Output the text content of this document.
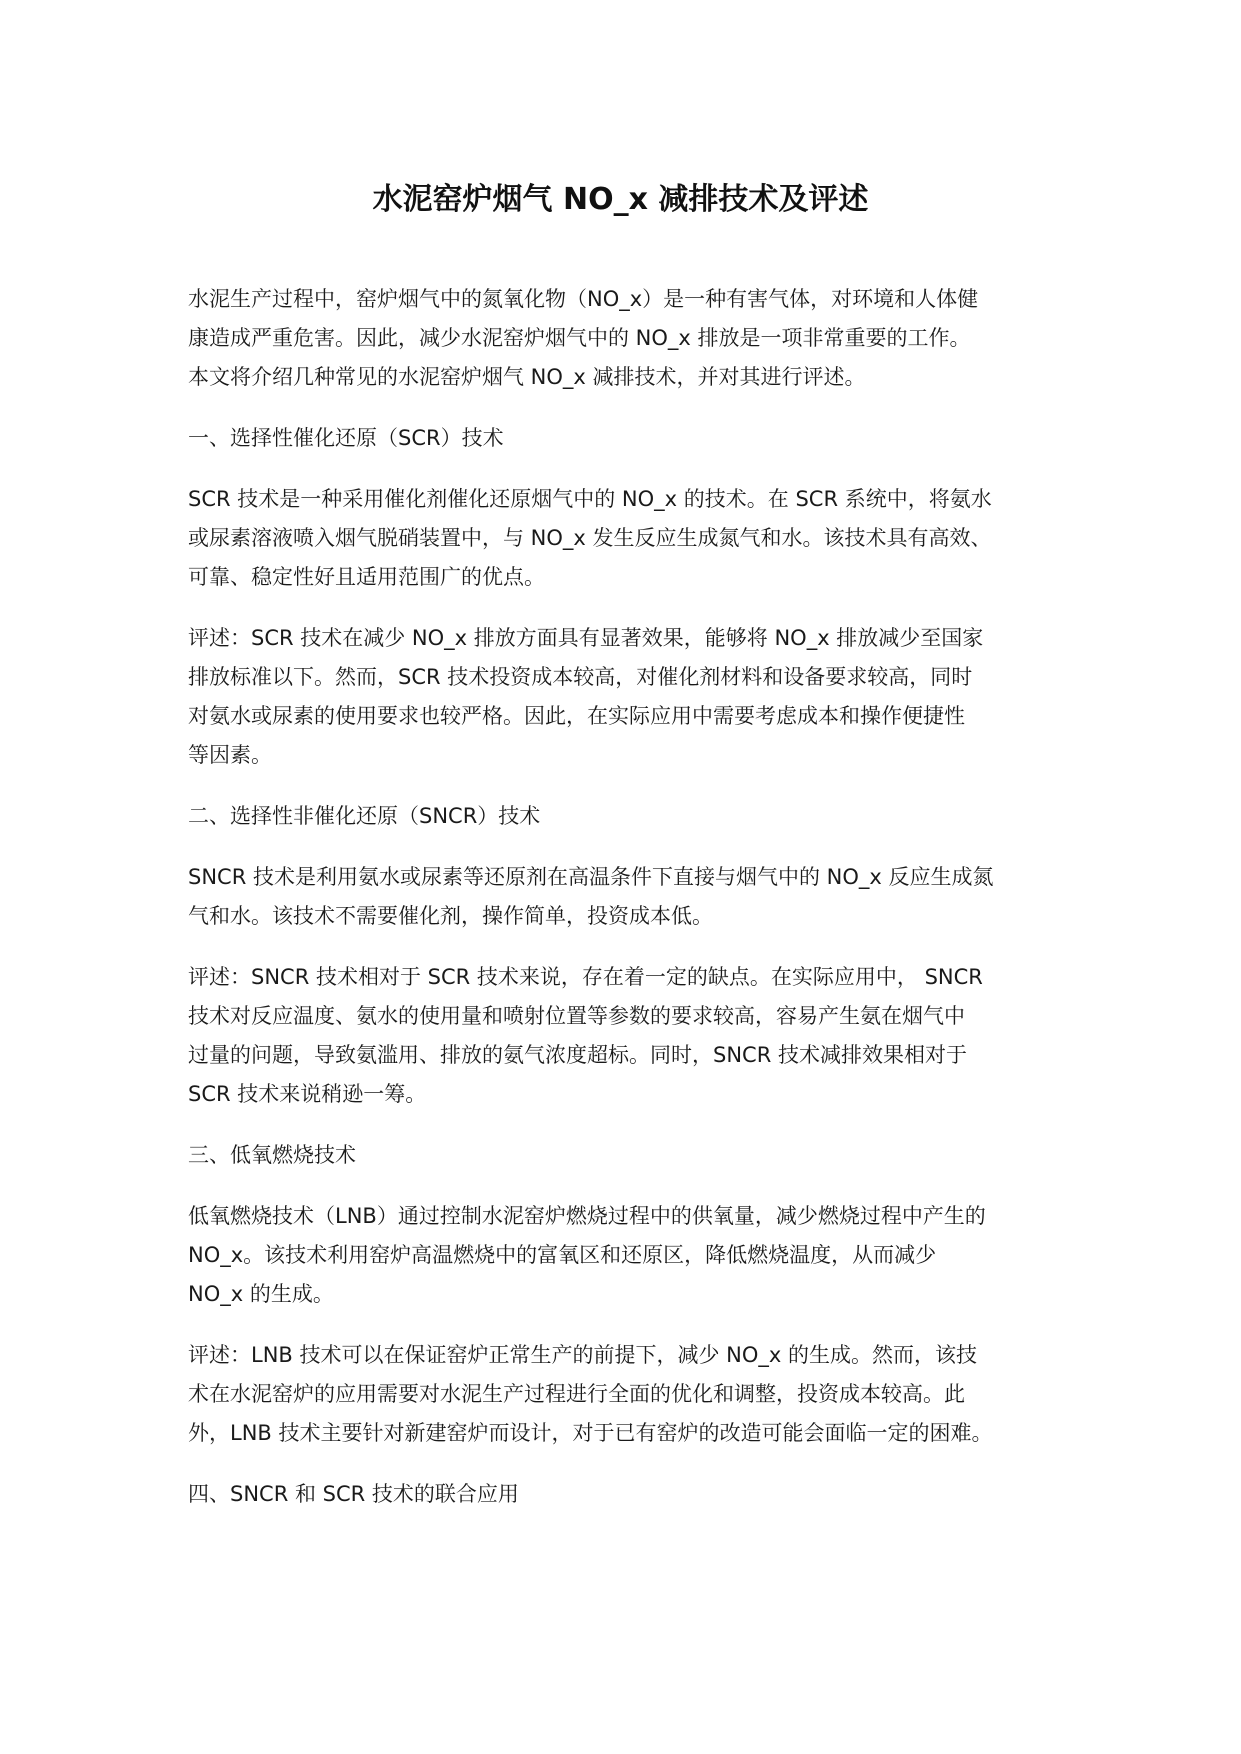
水泥窑炉烟气 NO_x 减排技术及评述

水泥生产过程中，窑炉烟气中的氮氧化物（NO_x）是一种有害气体，对环境和人体健
康造成严重危害。因此，减少水泥窑炉烟气中的 NO_x 排放是一项非常重要的工作。
本文将介绍几种常见的水泥窑炉烟气 NO_x 减排技术，并对其进行评述。

一、选择性催化还原（SCR）技术

SCR 技术是一种采用催化剂催化还原烟气中的 NO_x 的技术。在 SCR 系统中，将氨水
或尿素溶液喷入烟气脱硝装置中，与 NO_x 发生反应生成氮气和水。该技术具有高效、
可靠、稳定性好且适用范围广的优点。

评述：SCR 技术在减少 NO_x 排放方面具有显著效果，能够将 NO_x 排放减少至国家
排放标准以下。然而，SCR 技术投资成本较高，对催化剂材料和设备要求较高，同时
对氨水或尿素的使用要求也较严格。因此，在实际应用中需要考虑成本和操作便捷性
等因素。

二、选择性非催化还原（SNCR）技术

SNCR 技术是利用氨水或尿素等还原剂在高温条件下直接与烟气中的 NO_x 反应生成氮
气和水。该技术不需要催化剂，操作简单，投资成本低。

评述：SNCR 技术相对于 SCR 技术来说，存在着一定的缺点。在实际应用中， SNCR
技术对反应温度、氨水的使用量和喷射位置等参数的要求较高，容易产生氨在烟气中
过量的问题，导致氨滥用、排放的氨气浓度超标。同时，SNCR 技术减排效果相对于
SCR 技术来说稍逊一筹。

三、低氧燃烧技术

低氧燃烧技术（LNB）通过控制水泥窑炉燃烧过程中的供氧量，减少燃烧过程中产生的
NO_x。该技术利用窑炉高温燃烧中的富氧区和还原区，降低燃烧温度，从而减少
NO_x 的生成。

评述：LNB 技术可以在保证窑炉正常生产的前提下，减少 NO_x 的生成。然而，该技
术在水泥窑炉的应用需要对水泥生产过程进行全面的优化和调整，投资成本较高。此
外，LNB 技术主要针对新建窑炉而设计，对于已有窑炉的改造可能会面临一定的困难。

四、SNCR 和 SCR 技术的联合应用
